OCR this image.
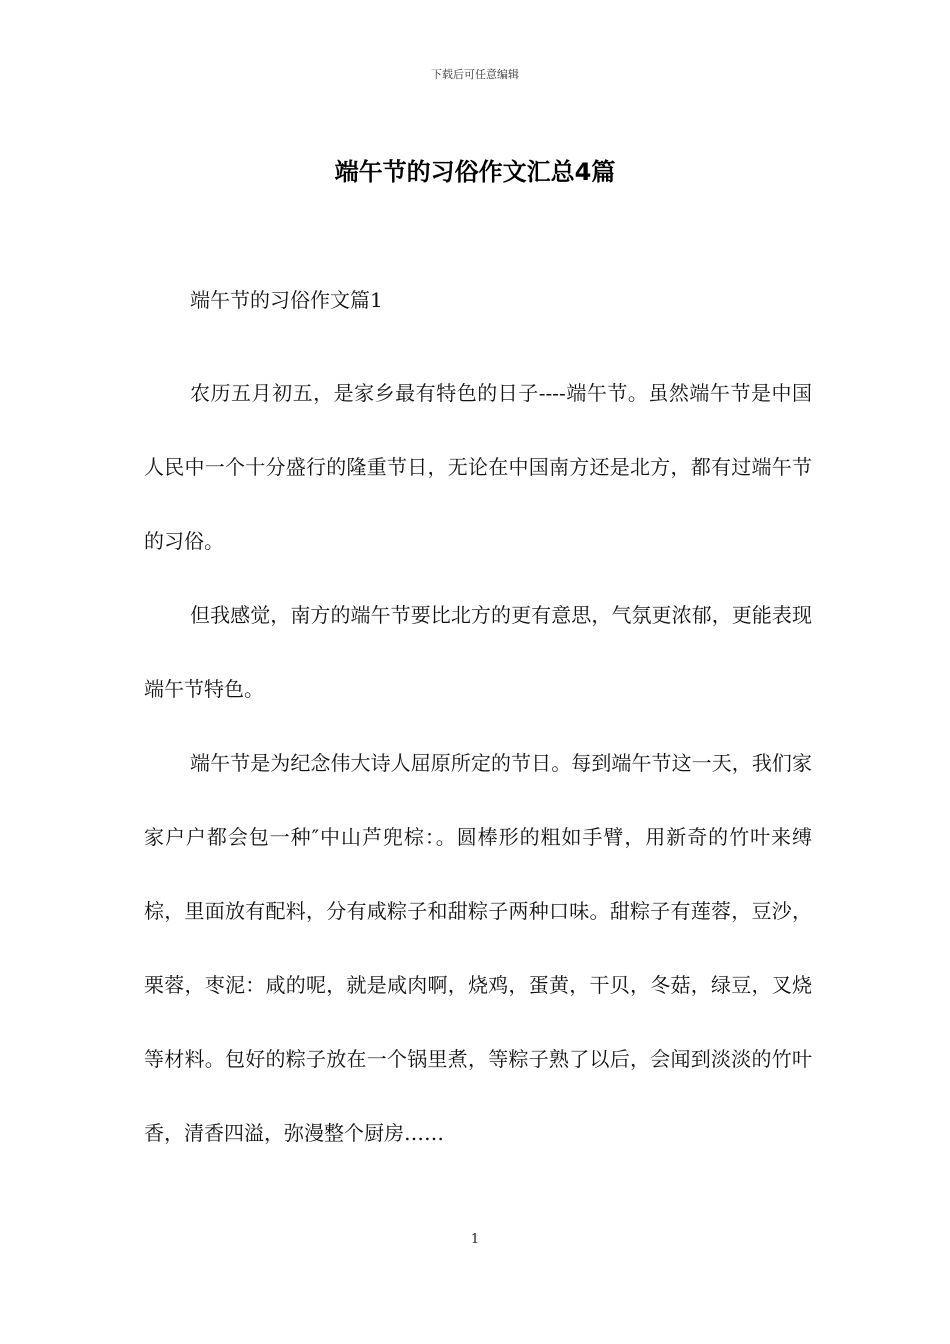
下载后可任意编辑
端午节的习俗作文汇总4篇

端午节的习俗作文篇1

农历五月初五，是家乡最有特色的日子----端午节。虽然端午节是中国人民中一个十分盛行的隆重节日，无论在中国南方还是北方，都有过端午节的习俗。

但我感觉，南方的端午节要比北方的更有意思，气氛更浓郁，更能表现端午节特色。

端午节是为纪念伟大诗人屈原所定的节日。每到端午节这一天，我们家家户户都会包一种″中山芦兜棕：。圆棒形的粗如手臂，用新奇的竹叶来缚棕，里面放有配料，分有咸粽子和甜粽子两种口味。甜粽子有莲蓉，豆沙，栗蓉，枣泥：咸的呢，就是咸肉啊，烧鸡，蛋黄，干贝，冬菇，绿豆，叉烧等材料。包好的粽子放在一个锅里煮，等粽子熟了以后，会闻到淡淡的竹叶香，清香四溢，弥漫整个厨房……

1
